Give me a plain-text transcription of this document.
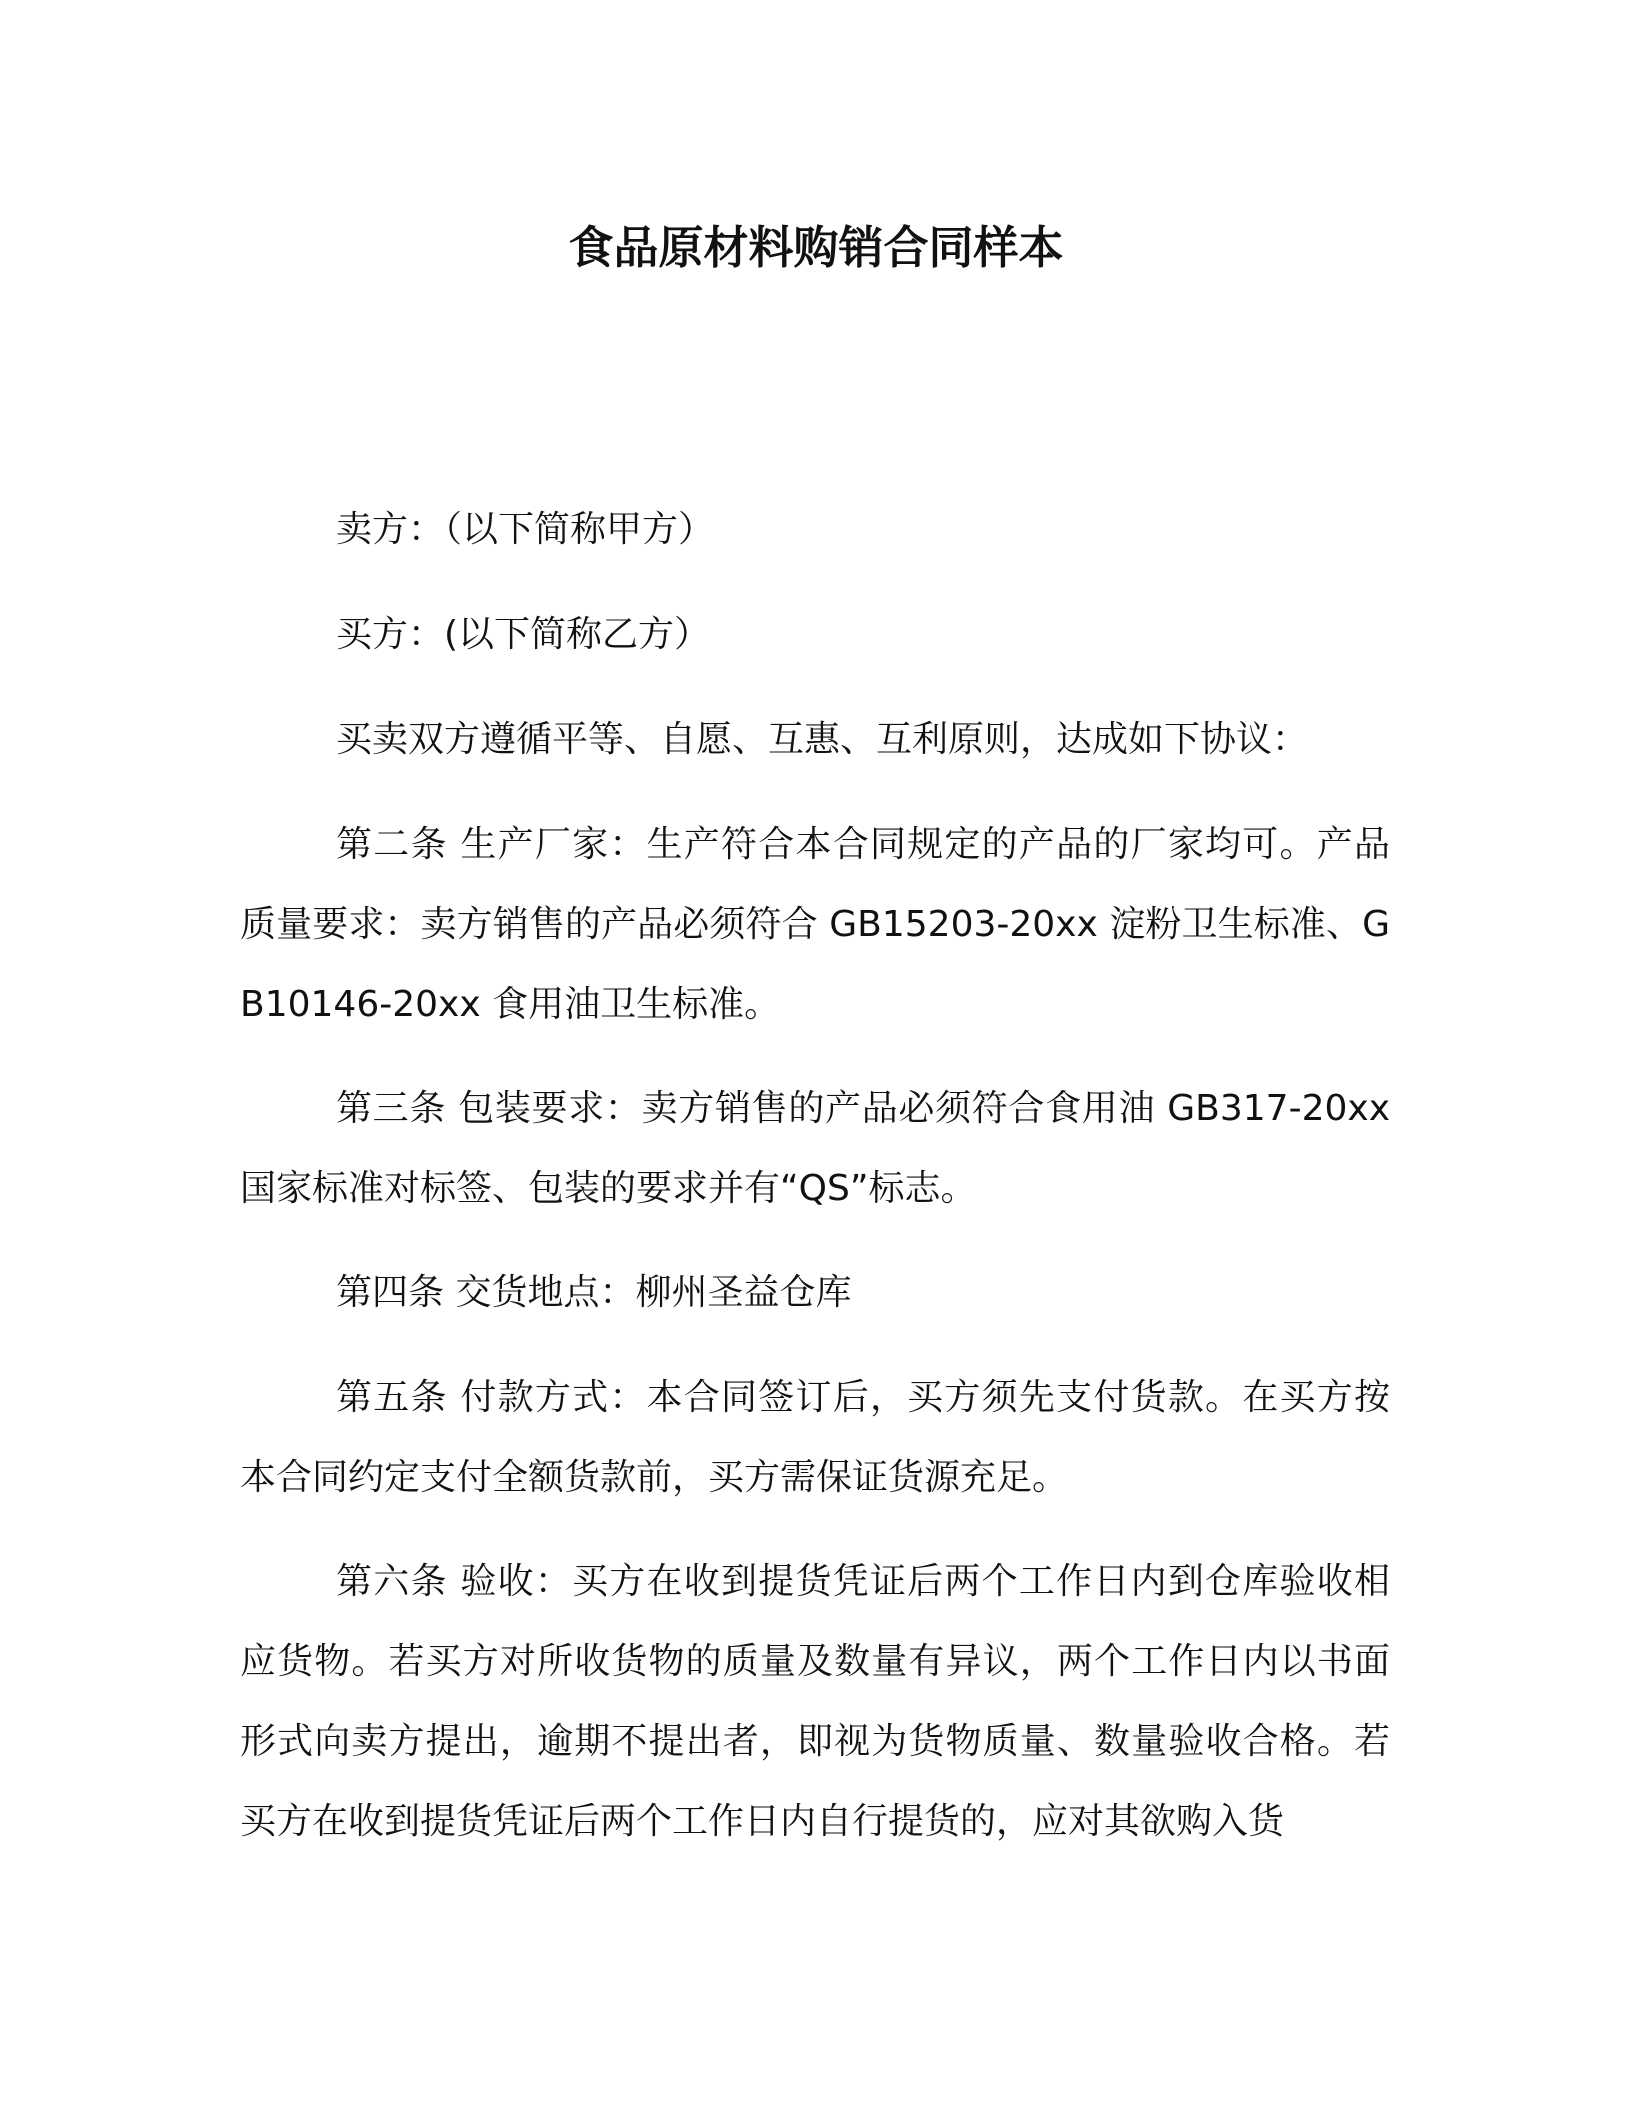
食品原材料购销合同样本

卖方：（以下简称甲方）

买方：(以下简称乙方）

买卖双方遵循平等、自愿、互惠、互利原则，达成如下协议：

第二条 生产厂家：生产符合本合同规定的产品的厂家均可。产品质量要求：卖方销售的产品必须符合 GB15203-20xx 淀粉卫生标准、GB10146-20xx 食用油卫生标准。

第三条 包装要求：卖方销售的产品必须符合食用油 GB317-20xx 国家标准对标签、包装的要求并有“QS”标志。

第四条 交货地点：柳州圣益仓库

第五条 付款方式：本合同签订后，买方须先支付货款。在买方按本合同约定支付全额货款前，买方需保证货源充足。

第六条 验收：买方在收到提货凭证后两个工作日内到仓库验收相应货物。若买方对所收货物的质量及数量有异议，两个工作日内以书面形式向卖方提出，逾期不提出者，即视为货物质量、数量验收合格。若买方在收到提货凭证后两个工作日内自行提货的，应对其欲购入货
